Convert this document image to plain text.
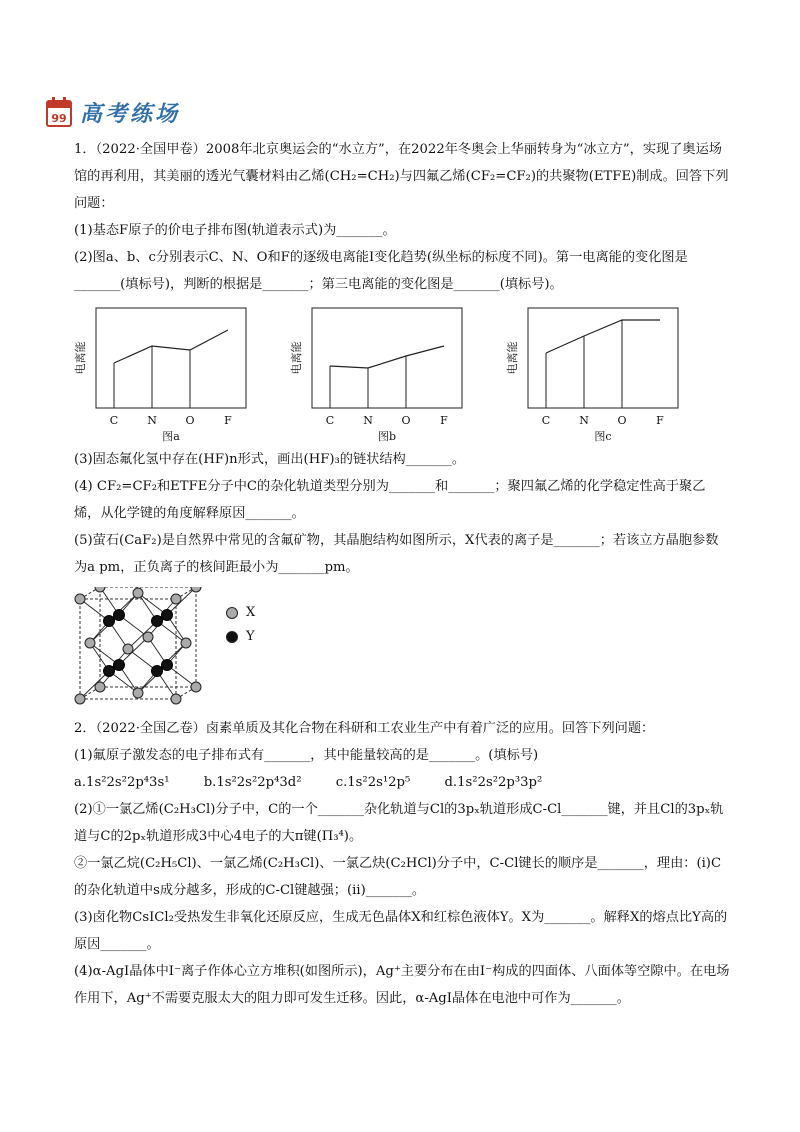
99 高考练场

1．（2022·全国甲卷）2008年北京奥运会的“水立方”，在2022年冬奥会上华丽转身为“冰立方”，实现了奥运场馆的再利用，其美丽的透光气囊材料由乙烯(CH₂=CH₂)与四氟乙烯(CF₂=CF₂)的共聚物(ETFE)制成。回答下列问题：

(1)基态F原子的价电子排布图(轨道表示式)为_______。

(2)图a、b、c分别表示C、N、O和F的逐级电离能Ⅰ变化趋势(纵坐标的标度不同)。第一电离能的变化图是_______(填标号)，判断的根据是_______；第三电离能的变化图是_______(填标号)。

电离能
C	N	O	F
图a
电离能
C	N	O	F
图b
电离能
C	N	O	F
图c

(3)固态氟化氢中存在(HF)n形式，画出(HF)₃的链状结构_______。

(4) CF₂=CF₂和ETFE分子中C的杂化轨道类型分别为_______和_______；聚四氟乙烯的化学稳定性高于聚乙烯，从化学键的角度解释原因_______。

(5)萤石(CaF₂)是自然界中常见的含氟矿物，其晶胞结构如图所示，X代表的离子是_______；若该立方晶胞参数为a pm，正负离子的核间距最小为_______pm。

X
Y

2．（2022·全国乙卷）卤素单质及其化合物在科研和工农业生产中有着广泛的应用。回答下列问题：

(1)氟原子激发态的电子排布式有_______，其中能量较高的是_______。(填标号)

a.1s²2s²2p⁴3s¹	b.1s²2s²2p⁴3d²	c.1s²2s¹2p⁵	d.1s²2s²2p³3p²

(2)①一氯乙烯(C₂H₃Cl)分子中，C的一个_______杂化轨道与Cl的3pₓ轨道形成C-Cl_______键，并且Cl的3pₓ轨道与C的2pₓ轨道形成3中心4电子的大π键(Π₃⁴)。

②一氯乙烷(C₂H₅Cl)、一氯乙烯(C₂H₃Cl)、一氯乙炔(C₂HCl)分子中，C-Cl键长的顺序是_______，理由：(ⅰ)C的杂化轨道中s成分越多，形成的C-Cl键越强；(ⅱ)_______。

(3)卤化物CsICl₂受热发生非氧化还原反应，生成无色晶体X和红棕色液体Y。X为_______。解释X的熔点比Y高的原因_______。

(4)α-AgI晶体中I⁻离子作体心立方堆积(如图所示)，Ag⁺主要分布在由I⁻构成的四面体、八面体等空隙中。在电场作用下，Ag⁺不需要克服太大的阻力即可发生迁移。因此，α-AgI晶体在电池中可作为_______。
